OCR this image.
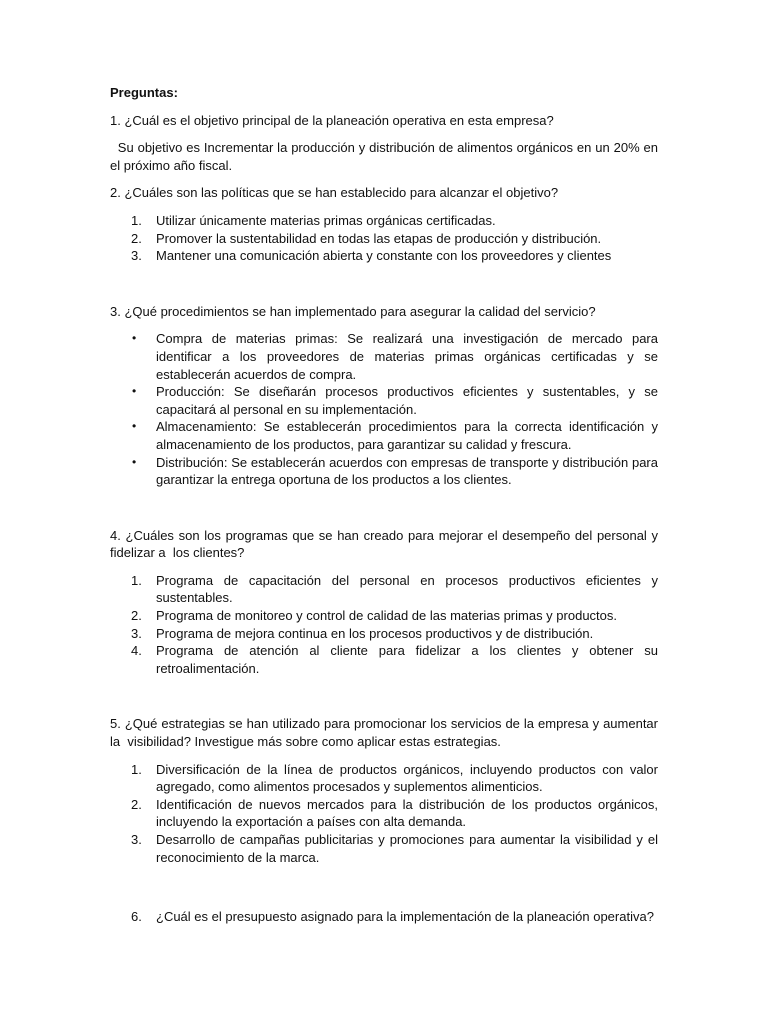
Preguntas:
1. ¿Cuál es el objetivo principal de la planeación operativa en esta empresa?
Su objetivo es Incrementar la producción y distribución de alimentos orgánicos en un 20% en el próximo año fiscal.
2. ¿Cuáles son las políticas que se han establecido para alcanzar el objetivo?
1. Utilizar únicamente materias primas orgánicas certificadas.
2. Promover la sustentabilidad en todas las etapas de producción y distribución.
3. Mantener una comunicación abierta y constante con los proveedores y clientes
3. ¿Qué procedimientos se han implementado para asegurar la calidad del servicio?
• Compra de materias primas: Se realizará una investigación de mercado para identificar a los proveedores de materias primas orgánicas certificadas y se establecerán acuerdos de compra.
• Producción: Se diseñarán procesos productivos eficientes y sustentables, y se capacitará al personal en su implementación.
• Almacenamiento: Se establecerán procedimientos para la correcta identificación y almacenamiento de los productos, para garantizar su calidad y frescura.
• Distribución: Se establecerán acuerdos con empresas de transporte y distribución para garantizar la entrega oportuna de los productos a los clientes.
4. ¿Cuáles son los programas que se han creado para mejorar el desempeño del personal y fidelizar a  los clientes?
1. Programa de capacitación del personal en procesos productivos eficientes y sustentables.
2. Programa de monitoreo y control de calidad de las materias primas y productos.
3. Programa de mejora continua en los procesos productivos y de distribución.
4. Programa de atención al cliente para fidelizar a los clientes y obtener su retroalimentación.
5. ¿Qué estrategias se han utilizado para promocionar los servicios de la empresa y aumentar la  visibilidad? Investigue más sobre como aplicar estas estrategias.
1. Diversificación de la línea de productos orgánicos, incluyendo productos con valor agregado, como alimentos procesados y suplementos alimenticios.
2. Identificación de nuevos mercados para la distribución de los productos orgánicos, incluyendo la exportación a países con alta demanda.
3. Desarrollo de campañas publicitarias y promociones para aumentar la visibilidad y el reconocimiento de la marca.
6. ¿Cuál es el presupuesto asignado para la implementación de la planeación operativa?
